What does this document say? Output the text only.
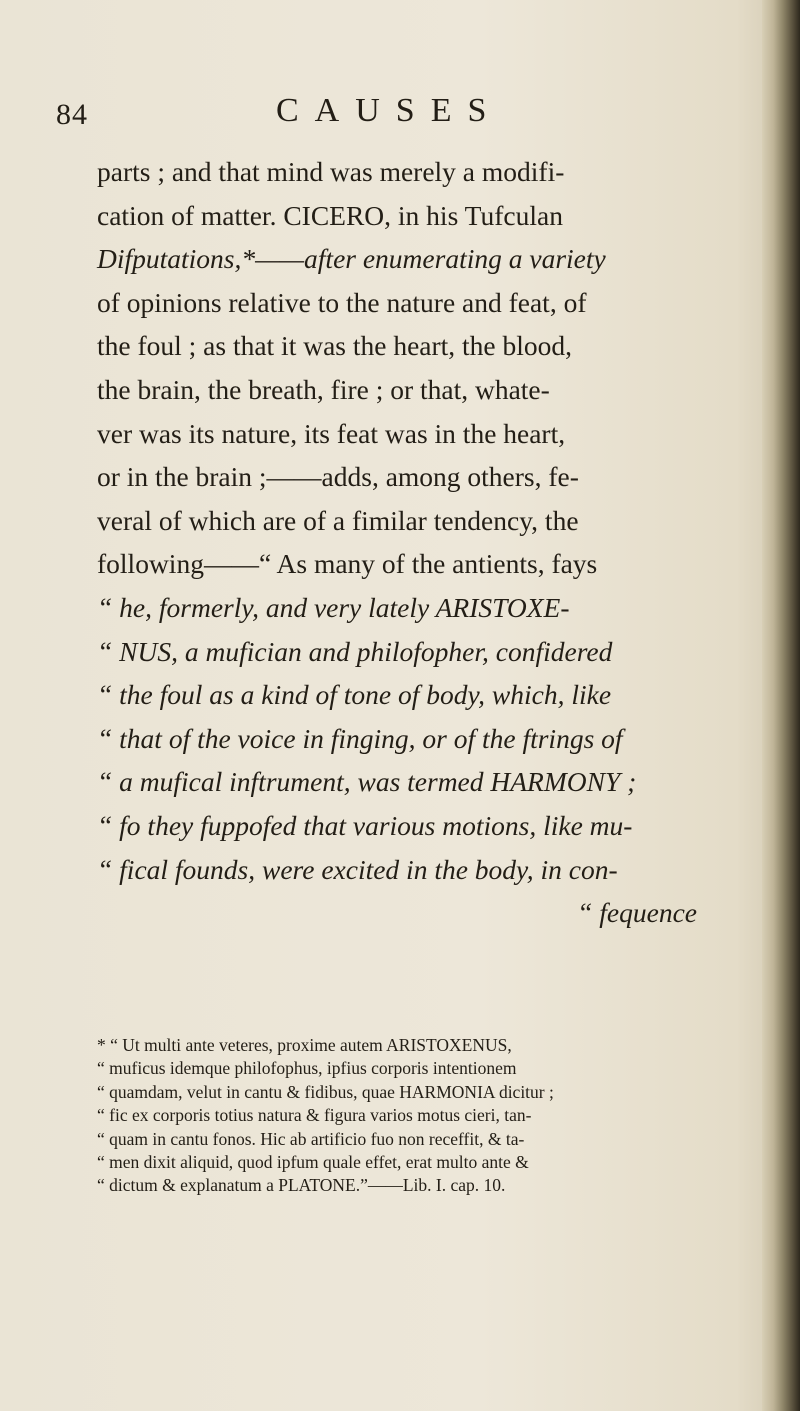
84	CAUSES
parts ; and that mind was merely a modifi-
cation of matter. CICERO, in his Tufculan
Difputations,*——after enumerating a variety
of opinions relative to the nature and feat, of
the foul ; as that it was the heart, the blood,
the brain, the breath, fire ; or that, whate-
ver was its nature, its feat was in the heart,
or in the brain ;——adds, among others, fe-
veral of which are of a fimilar tendency, the
following——“ As many of the antients, fays
“ he, formerly, and very lately ARISTOXE-
“ NUS, a mufician and philofopher, confidered
“ the foul as a kind of tone of body, which, like
“ that of the voice in finging, or of the ftrings of
“ a mufical inftrument, was termed HARMONY ;
“ fo they fuppofed that various motions, like mu-
“ fical founds, were excited in the body, in con-
“ fequence
* “ Ut multi ante veteres, proxime autem ARISTOXENUS,
“ muficus idemque philofophus, ipfius corporis intentionem
“ quamdam, velut in cantu & fidibus, quae HARMONIA dicitur ;
“ fic ex corporis totius natura & figura varios motus cieri, tan-
“ quam in cantu fonos. Hic ab artificio fuo non receffit, & ta-
“ men dixit aliquid, quod ipfum quale effet, erat multo ante &
“ dictum & explanatum a PLATONE.”——Lib. I. cap. 10.
